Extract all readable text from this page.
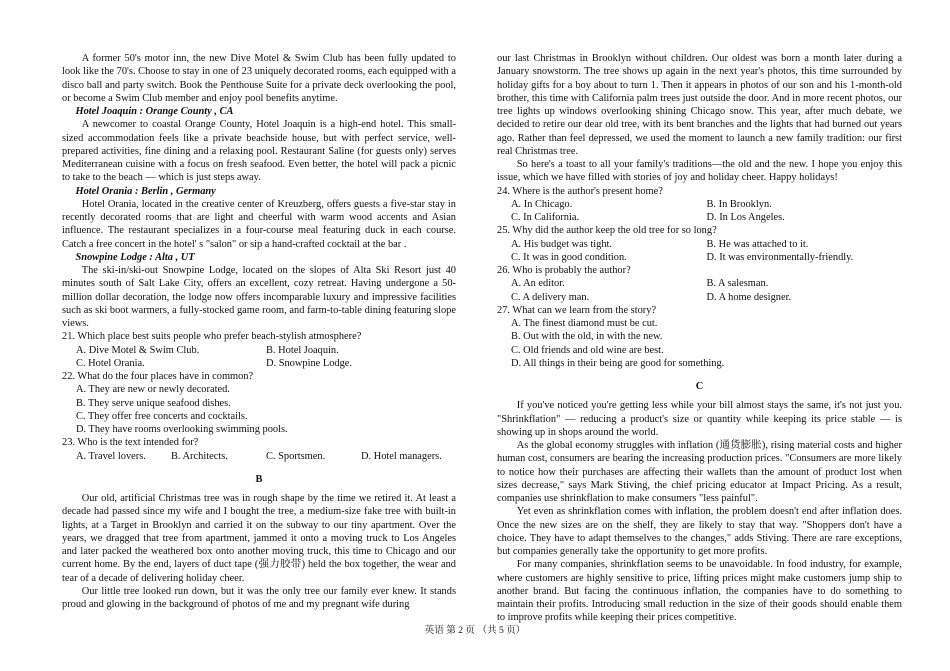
A former 50's motor inn, the new Dive Motel & Swim Club has been fully updated to look like the 70's. Choose to stay in one of 23 uniquely decorated rooms, each equipped with a disco ball and party switch. Book the Penthouse Suite for a private deck overlooking the pool, or become a Swim Club member and enjoy pool benefits anytime.

Hotel Joaquin : Orange County , CA

A newcomer to coastal Orange County, Hotel Joaquin is a high-end hotel. This small-sized accommodation feels like a private beachside house, but with perfect service, well-prepared activities, fine dining and a relaxing pool. Restaurant Saline (for guests only) serves Mediterranean cuisine with a focus on fresh seafood. Even better, the hotel will pack a picnic to take to the beach — which is just steps away.

Hotel Orania : Berlin , Germany

Hotel Orania, located in the creative center of Kreuzberg, offers guests a five-star stay in recently decorated rooms that are light and cheerful with warm wood accents and Asian influence. The restaurant specializes in a four-course meal featuring duck in each course. Catch a free concert in the hotel' s "salon" or sip a hand-crafted cocktail at the bar .

Snowpine Lodge : Alta , UT

The ski-in/ski-out Snowpine Lodge, located on the slopes of Alta Ski Resort just 40 minutes south of Salt Lake City, offers an excellent, cozy retreat. Having undergone a 50-million dollar decoration, the lodge now offers incomparable luxury and impressive facilities such as ski boot warmers, a fully-stocked game room, and farm-to-table dining featuring slope views.

21. Which place best suits people who prefer beach-stylish atmosphere?
A. Dive Motel & Swim Club.	B. Hotel Joaquin.
C. Hotel Orania.	D. Snowpine Lodge.
22. What do the four places have in common?
A. They are new or newly decorated.
B. They serve unique seafood dishes.
C. They offer free concerts and cocktails.
D. They have rooms overlooking swimming pools.
23. Who is the text intended for?
A. Travel lovers.	B. Architects.	C. Sportsmen.	D. Hotel managers.
B

Our old, artificial Christmas tree was in rough shape by the time we retired it. At least a decade had passed since my wife and I bought the tree, a medium-size fake tree with built-in lights, at a Target in Brooklyn and carried it on the subway to our tiny apartment. Over the years, we dragged that tree from apartment, jammed it onto a moving truck to Los Angeles and later packed the weathered box onto another moving truck, this time to Chicago and our current home. By the end, layers of duct tape (强力胶带) held the box together, the wear and tear of a decade of delivering holiday cheer.

Our little tree looked run down, but it was the only tree our family ever knew. It stands proud and glowing in the background of photos of me and my pregnant wife during

our last Christmas in Brooklyn without children. Our oldest was born a month later during a January snowstorm. The tree shows up again in the next year's photos, this time surrounded by holiday gifts for a boy about to turn 1. Then it appears in photos of our son and his 1-month-old brother, this time with California palm trees just outside the door. And in more recent photos, our tree lights up windows overlooking shining Chicago snow. This year, after much debate, we decided to retire our dear old tree, with its bent branches and the lights that had burned out years ago. Rather than feel depressed, we used the moment to launch a new family tradition: our first real Christmas tree.

So here's a toast to all your family's traditions—the old and the new. I hope you enjoy this issue, which we have filled with stories of joy and holiday cheer. Happy holidays!

24. Where is the author's present home?
A. In Chicago.	B. In Brooklyn.
C. In California.	D. In Los Angeles.
25. Why did the author keep the old tree for so long?
A. His budget was tight.	B. He was attached to it.
C. It was in good condition.	D. It was environmentally-friendly.
26. Who is probably the author?
A. An editor.	B. A salesman.
C. A delivery man.	D. A home designer.
27. What can we learn from the story?
A. The finest diamond must be cut.
B. Out with the old, in with the new.
C. Old friends and old wine are best.
D. All things in their being are good for something.
C

If you've noticed you're getting less while your bill almost stays the same, it's not just you. "Shrinkflation" — reducing a product's size or quantity while keeping its price stable — is showing up in shops around the world.

As the global economy struggles with inflation (通货膨胀), rising material costs and higher human cost, consumers are bearing the increasing production prices. "Consumers are more likely to notice how their purchases are affecting their wallets than the amount of product lost when sizes decrease," says Mark Stiving, the chief pricing educator at Impact Pricing. As a result, companies use shrinkflation to make consumers "less painful".

Yet even as shrinkflation comes with inflation, the problem doesn't end after inflation does. Once the new sizes are on the shelf, they are likely to stay that way. "Shoppers don't have a choice. They have to adapt themselves to the changes," adds Stiving. There are rare exceptions, but companies generally take the opportunity to get more profits.

For many companies, shrinkflation seems to be unavoidable. In food industry, for example, where customers are highly sensitive to price, lifting prices might make customers jump ship to another brand. But facing the continuous inflation, the companies have to do something to maintain their profits. Introducing small reduction in the size of their goods should enable them to improve profits while keeping their prices competitive.

英语 第 2 页 （共 5 页）
